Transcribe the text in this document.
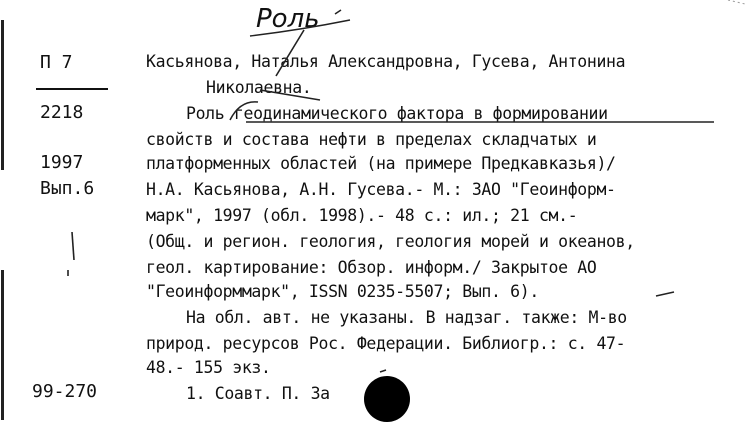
Роль
П 7
2218
1997
Вып.6
99-270
Касьянова, Наталья Александровна, Гусева, Антонина
Николаевна.
Роль геодинамического фактора в формировании
свойств и состава нефти в пределах складчатых и
платформенных областей (на примере Предкавказья)/
Н.А. Касьянова, А.Н. Гусева.- М.: ЗАО "Геоинформ-
марк", 1997 (обл. 1998).- 48 с.: ил.; 21 см.-
(Общ. и регион. геология, геология морей и океанов,
геол. картирование: Обзор. информ./ Закрытое АО
"Геоинформмарк", ISSN 0235-5507; Вып. 6).
На обл. авт. не указаны. В надзаг. также: М-во
природ. ресурсов Рос. Федерации. Библиогр.: с. 47-
48.- 155 экз.
1. Соавт. П. За
